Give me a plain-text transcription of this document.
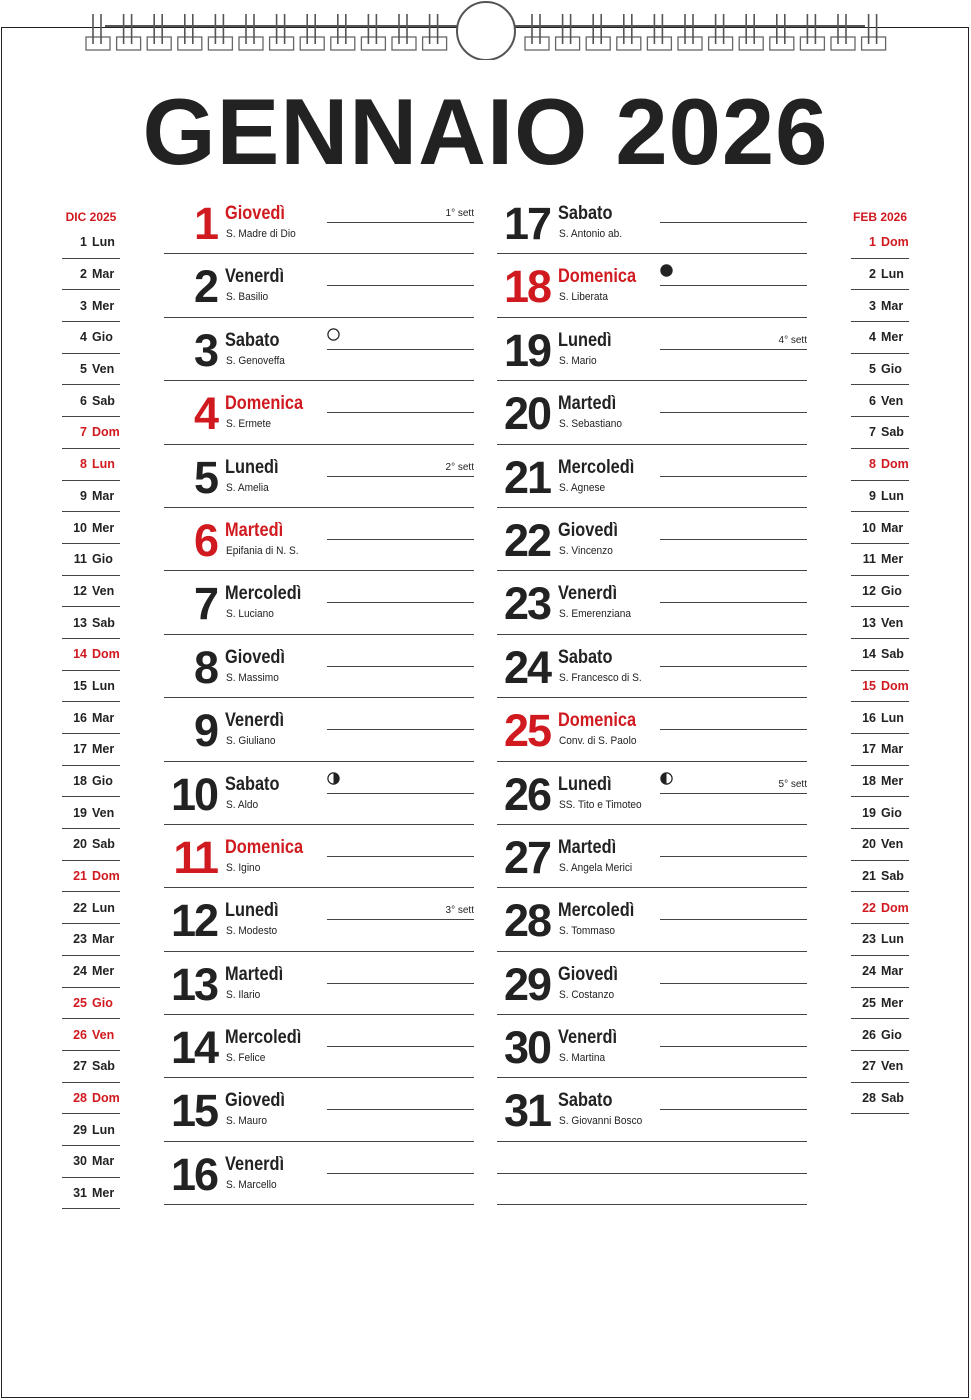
GENNAIO 2026
DIC 2025
1 Lun
2 Mar
3 Mer
4 Gio
5 Ven
6 Sab
7 Dom
8 Lun
9 Mar
10 Mer
11 Gio
12 Ven
13 Sab
14 Dom
15 Lun
16 Mar
17 Mer
18 Gio
19 Ven
20 Sab
21 Dom
22 Lun
23 Mar
24 Mer
25 Gio
26 Ven
27 Sab
28 Dom
29 Lun
30 Mar
31 Mer
FEB 2026
1 Dom
2 Lun
3 Mar
4 Mer
5 Gio
6 Ven
7 Sab
8 Dom
9 Lun
10 Mar
11 Mer
12 Gio
13 Ven
14 Sab
15 Dom
16 Lun
17 Mar
18 Mer
19 Gio
20 Ven
21 Sab
22 Dom
23 Lun
24 Mar
25 Mer
26 Gio
27 Ven
28 Sab
1 Giovedì
S. Madre di Dio
1° sett
2 Venerdì
S. Basilio
3 Sabato
S. Genoveffa
4 Domenica
S. Ermete
5 Lunedì
S. Amelia
2° sett
6 Martedì
Epifania di N. S.
7 Mercoledì
S. Luciano
8 Giovedì
S. Massimo
9 Venerdì
S. Giuliano
10 Sabato
S. Aldo
11 Domenica
S. Igino
12 Lunedì
S. Modesto
3° sett
13 Martedì
S. Ilario
14 Mercoledì
S. Felice
15 Giovedì
S. Mauro
16 Venerdì
S. Marcello
17 Sabato
S. Antonio ab.
18 Domenica
S. Liberata
19 Lunedì
S. Mario
4° sett
20 Martedì
S. Sebastiano
21 Mercoledì
S. Agnese
22 Giovedì
S. Vincenzo
23 Venerdì
S. Emerenziana
24 Sabato
S. Francesco di S.
25 Domenica
Conv. di S. Paolo
26 Lunedì
SS. Tito e Timoteo
5° sett
27 Martedì
S. Angela Merici
28 Mercoledì
S. Tommaso
29 Giovedì
S. Costanzo
30 Venerdì
S. Martina
31 Sabato
S. Giovanni Bosco
